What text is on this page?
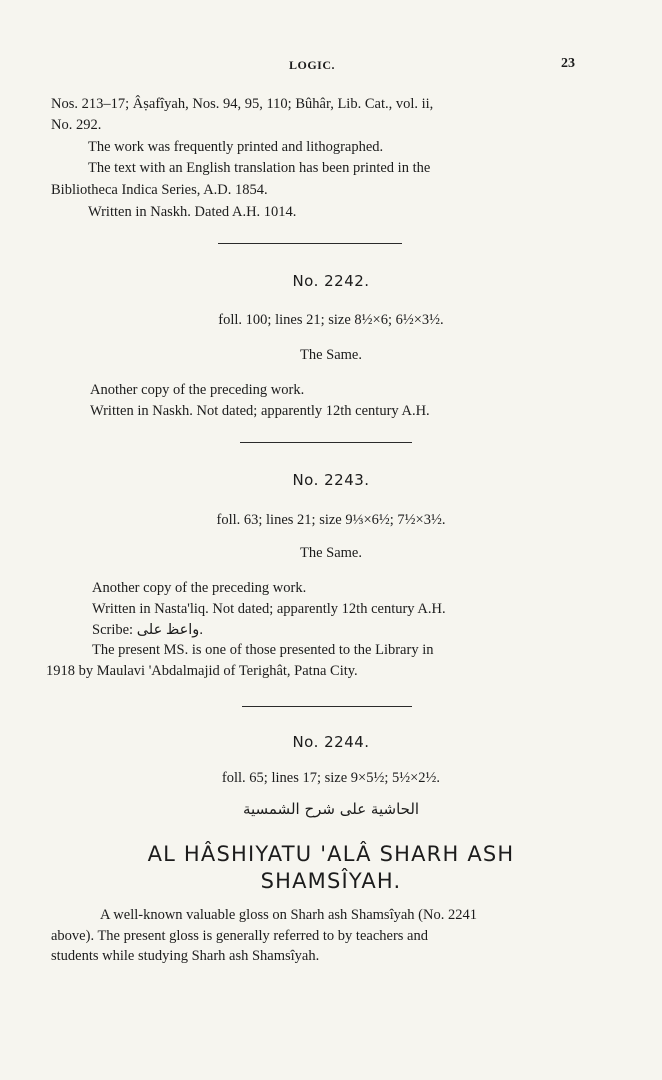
LOGIC.	23
Nos. 213–17; Âṣafîyah, Nos. 94, 95, 110; Bûhâr, Lib. Cat., vol. ii,
No. 292.
The work was frequently printed and lithographed.
The text with an English translation has been printed in the
Bibliotheca Indica Series, A.D. 1854.
Written in Naskh. Dated A.H. 1014.
No. 2242.
foll. 100; lines 21; size 8½×6; 6½×3½.
The Same.
Another copy of the preceding work.
Written in Naskh. Not dated; apparently 12th century A.H.
No. 2243.
foll. 63; lines 21; size 9⅓×6½; 7½×3½.
The Same.
Another copy of the preceding work.
Written in Nasta'liq. Not dated; apparently 12th century A.H.
Scribe: واعظ علی.
The present MS. is one of those presented to the Library in
1918 by Maulavi 'Abdalmajid of Terighât, Patna City.
No. 2244.
foll. 65; lines 17; size 9×5½; 5½×2½.
الحاشية على شرح الشمسية
AL HÂSHIYATU 'ALÂ SHARH ASH
SHAMSÎYAH.
A well-known valuable gloss on Sharh ash Shamsîyah (No. 2241
above). The present gloss is generally referred to by teachers and
students while studying Sharh ash Shamsîyah.
